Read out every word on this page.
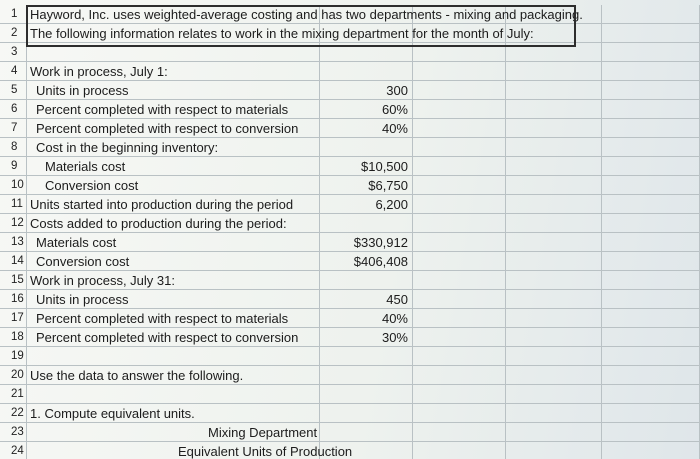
1 Hayword, Inc. uses weighted-average costing and has two departments - mixing and packaging.
2 The following information relates to work in the mixing department for the month of July:
3
4 Work in process, July 1:
5	Units in process	300
6	Percent completed with respect to materials	60%
7	Percent completed with respect to conversion	40%
8	Cost in the beginning inventory:
9	Materials cost	$10,500
10 Conversion cost	$6,750
11 Units started into production during the period	6,200
12 Costs added to production during the period:
13 Materials cost	$330,912
14 Conversion cost	$406,408
15 Work in process, July 31:
16 Units in process	450
17 Percent completed with respect to materials	40%
18 Percent completed with respect to conversion	30%
19
20 Use the data to answer the following.
21
22 1. Compute equivalent units.
23	Mixing Department
24	Equivalent Units of Production
